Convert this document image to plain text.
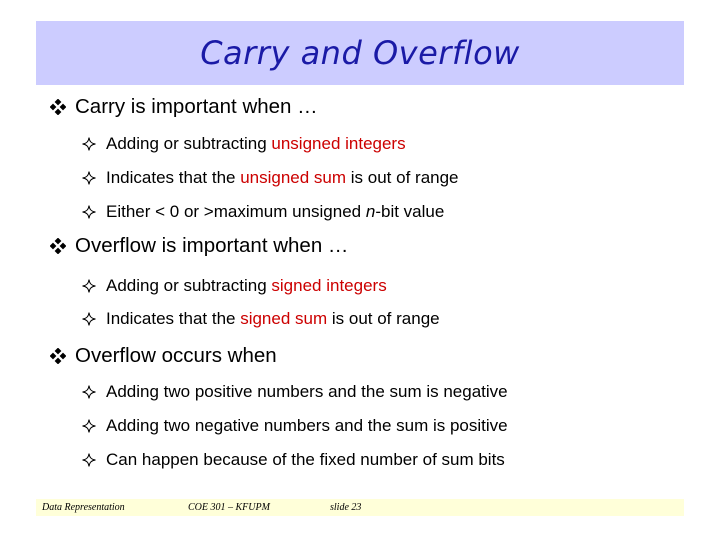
Carry and Overflow
Carry is important when …
Adding or subtracting unsigned integers
Indicates that the unsigned sum is out of range
Either < 0 or >maximum unsigned n-bit value
Overflow is important when …
Adding or subtracting signed integers
Indicates that the signed sum is out of range
Overflow occurs when
Adding two positive numbers and the sum is negative
Adding two negative numbers and the sum is positive
Can happen because of the fixed number of sum bits
Data Representation	COE 301 – KFUPM	slide 23
